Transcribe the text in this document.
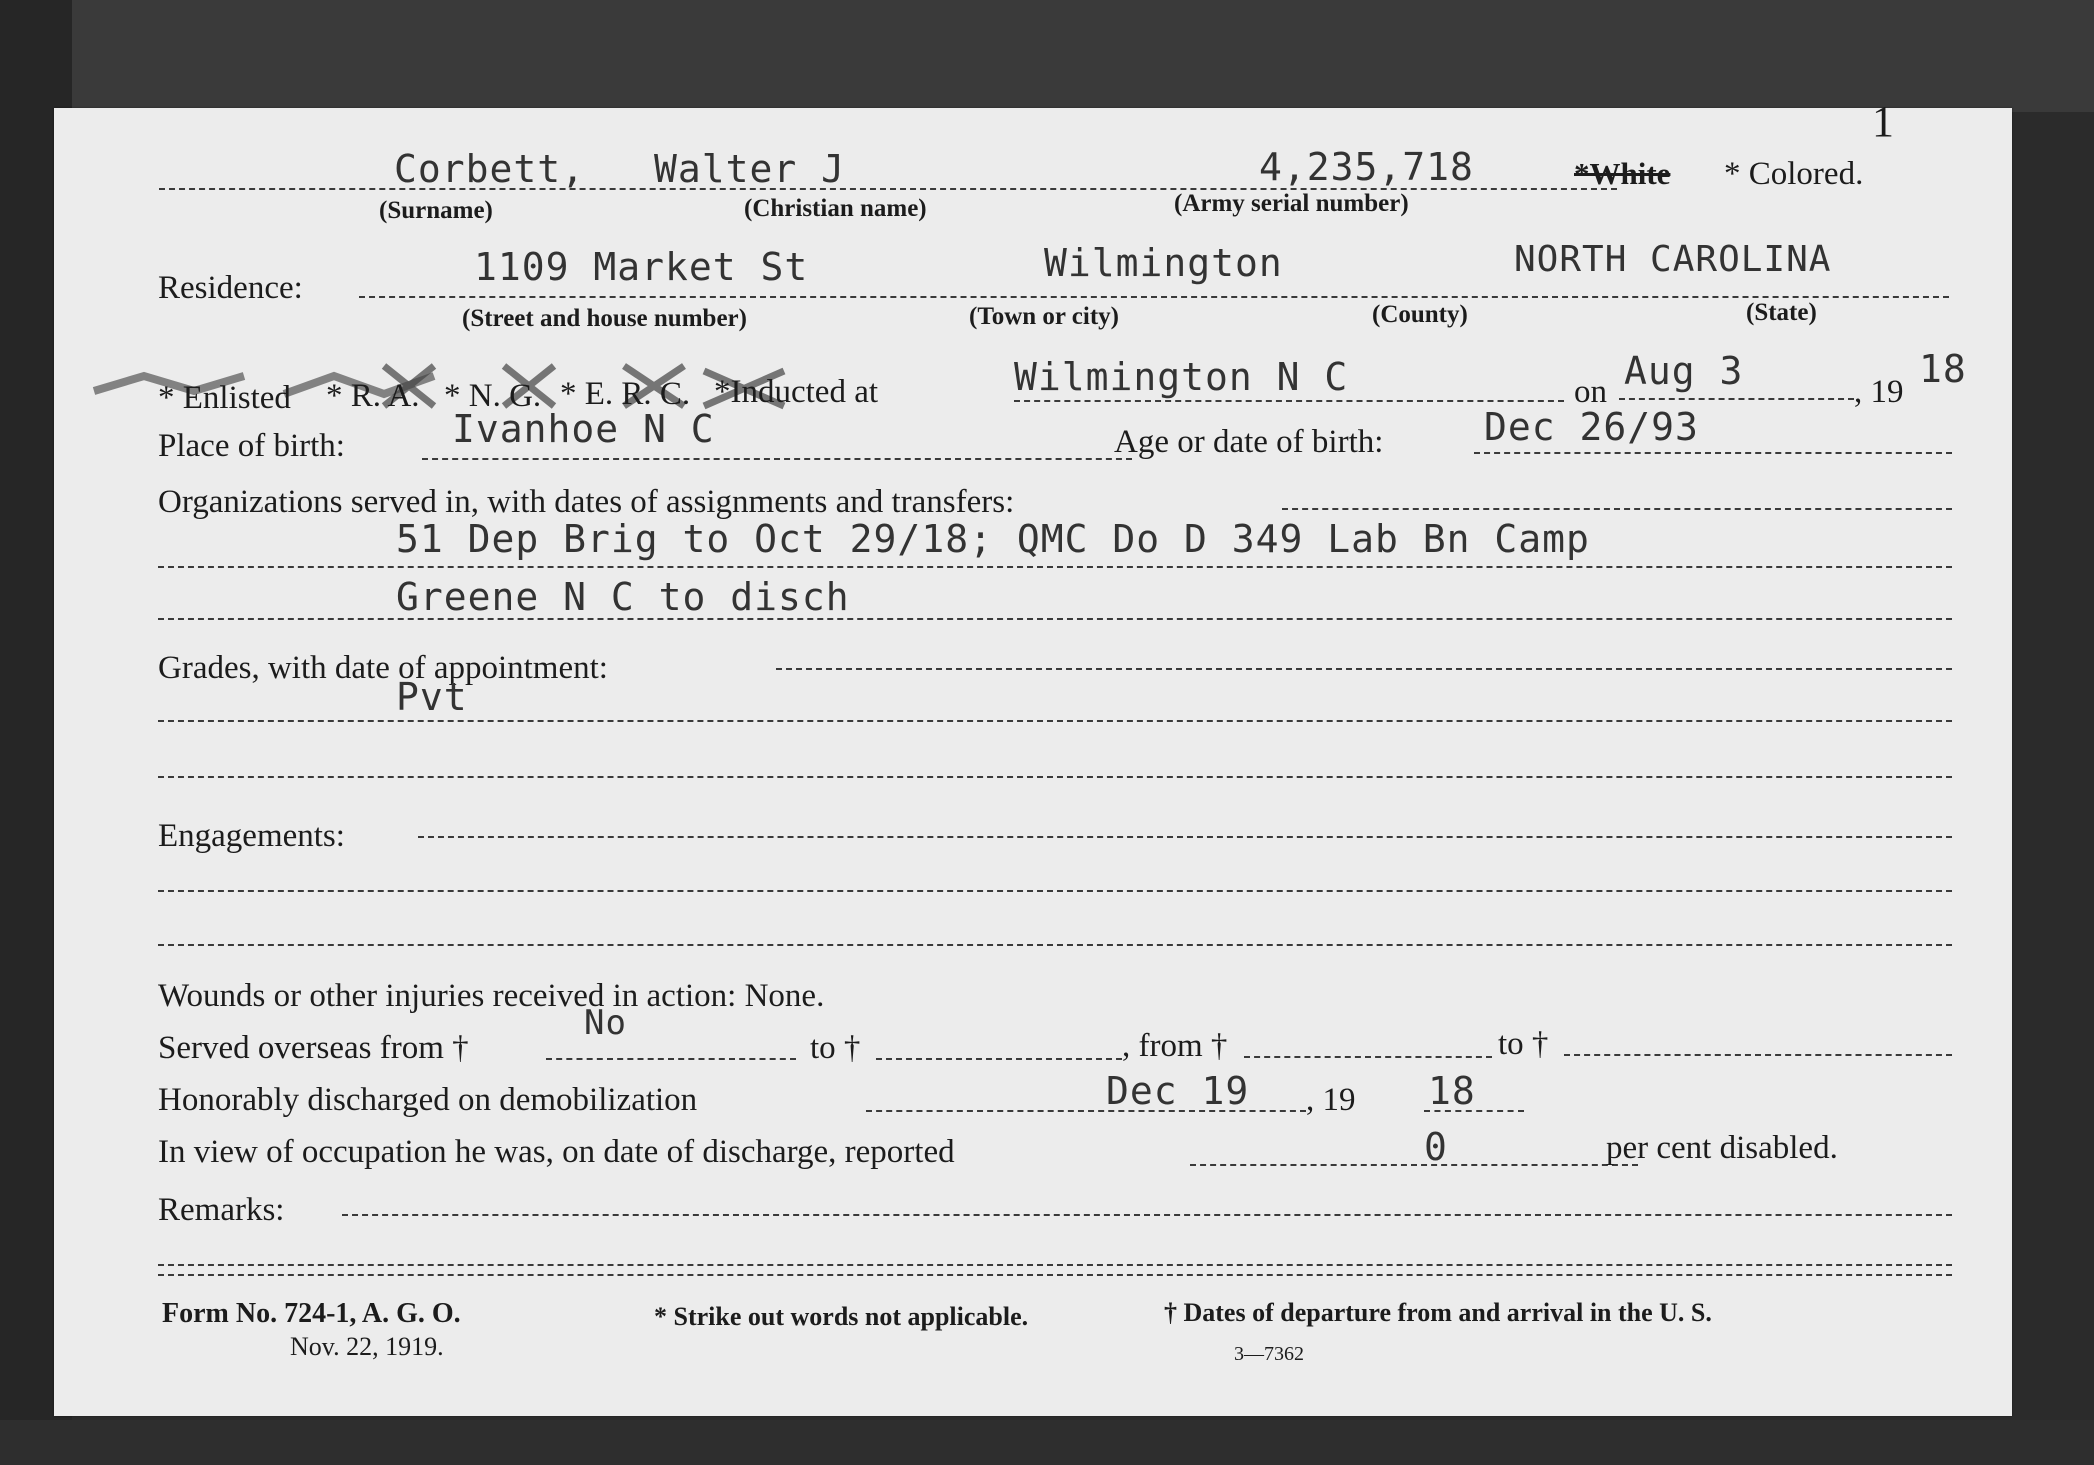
1
Corbett, Walter J	4,235,718	*White * Colored.
(Surname)	(Christian name)	(Army serial number)
Residence:	1109 Market St	Wilmington	NORTH CAROLINA
(Street and house number)	(Town or city)	(County)	(State)
* Enlisted * R. A. * N. G. * E. R. C. *Inducted at	Wilmington N C	on Aug 3	, 19
18
Place of birth:	Ivanhoe N C	Age or date of birth:	Dec 26/93
Organizations served in, with dates of assignments and transfers:
51 Dep Brig to Oct 29/18; QMC Do D 349 Lab Bn Camp
Greene N C to disch
Grades, with date of appointment:
Pvt
Engagements:
Wounds or other injuries received in action: None.
Served overseas from †
No
to †	, from †	to †
Honorably discharged on demobilization	Dec 19 , 19 18
In view of occupation he was, on date of discharge, reported	0	per cent disabled.
Remarks:
Form No. 724-1, A. G. O.
Nov. 22, 1919.
* Strike out words not applicable.	† Dates of departure from and arrival in the U. S.
3—7362
